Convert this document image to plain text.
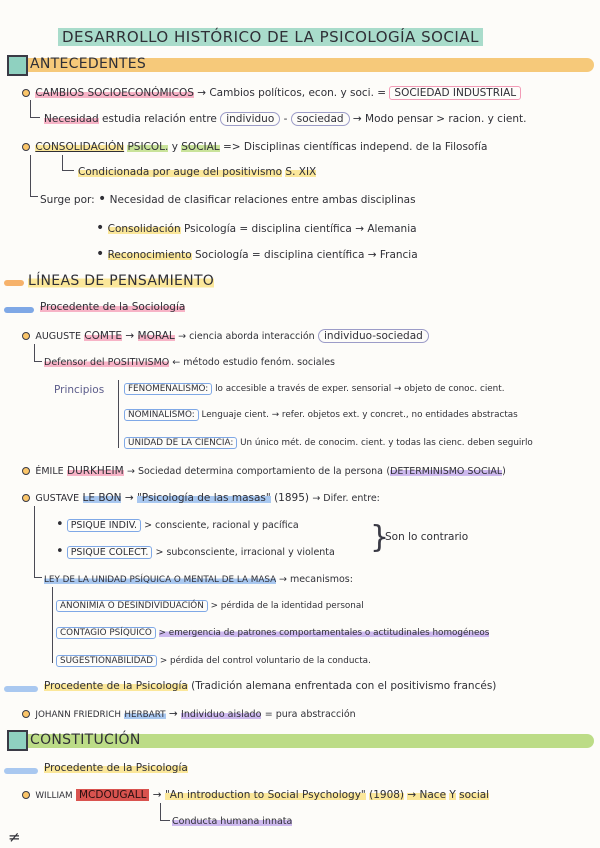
DESARROLLO HISTÓRICO DE LA PSICOLOGÍA SOCIAL
ANTECEDENTES
CAMBIOS SOCIOECONÓMICOS → Cambios políticos, econ. y soci. = SOCIEDAD INDUSTRIAL
Necesidad estudia relación entre individuo - sociedad → Modo pensar > racion. y cient.
CONSOLIDACIÓN PSICOL. y SOCIAL => Disciplinas científicas independ. de la Filosofía
Condicionada por auge del positivismo S. XIX
Surge por: • Necesidad de clasificar relaciones entre ambas disciplinas
• Consolidación Psicología = disciplina científica → Alemania
• Reconocimiento Sociología = disciplina científica → Francia
LÍNEAS DE PENSAMIENTO
Procedente de la Sociología
AUGUSTE COMTE → MORAL → ciencia aborda interacción individuo-sociedad
Defensor del POSITIVISMO ← método estudio fenóm. sociales
Principios	FENOMENALISMO: lo accesible a través de exper. sensorial → objeto de conoc. cient.
NOMINALISMO: Lenguaje cient. → refer. objetos ext. y concret., no entidades abstractas
UNIDAD DE LA CIENCIA: Un único mét. de conocim. cient. y todas las cienc. deben seguirlo
ÉMILE DURKHEIM → Sociedad determina comportamiento de la persona (DETERMINISMO SOCIAL)
GUSTAVE LE BON → "Psicología de las masas" (1895) → Difer. entre:
• PSIQUE INDIV. > consciente, racional y pacífica
• PSIQUE COLECT. > subconsciente, irracional y violenta }
Son lo contrario
LEY DE LA UNIDAD PSÍQUICA O MENTAL DE LA MASA → mecanismos:
ANONIMIA O DESINDIVIDUACIÓN > pérdida de la identidad personal
CONTAGIO PSÍQUICO > emergencia de patrones comportamentales o actitudinales homogéneos
SUGESTIONABILIDAD > pérdida del control voluntario de la conducta.
Procedente de la Psicología (Tradición alemana enfrentada con el positivismo francés)
JOHANN FRIEDRICH HERBART → Individuo aislado = pura abstracción
CONSTITUCIÓN
Procedente de la Psicología
WILLIAM MCDOUGALL → "An introduction to Social Psychology" (1908) → Nace Y social
Conducta humana innata
≠
